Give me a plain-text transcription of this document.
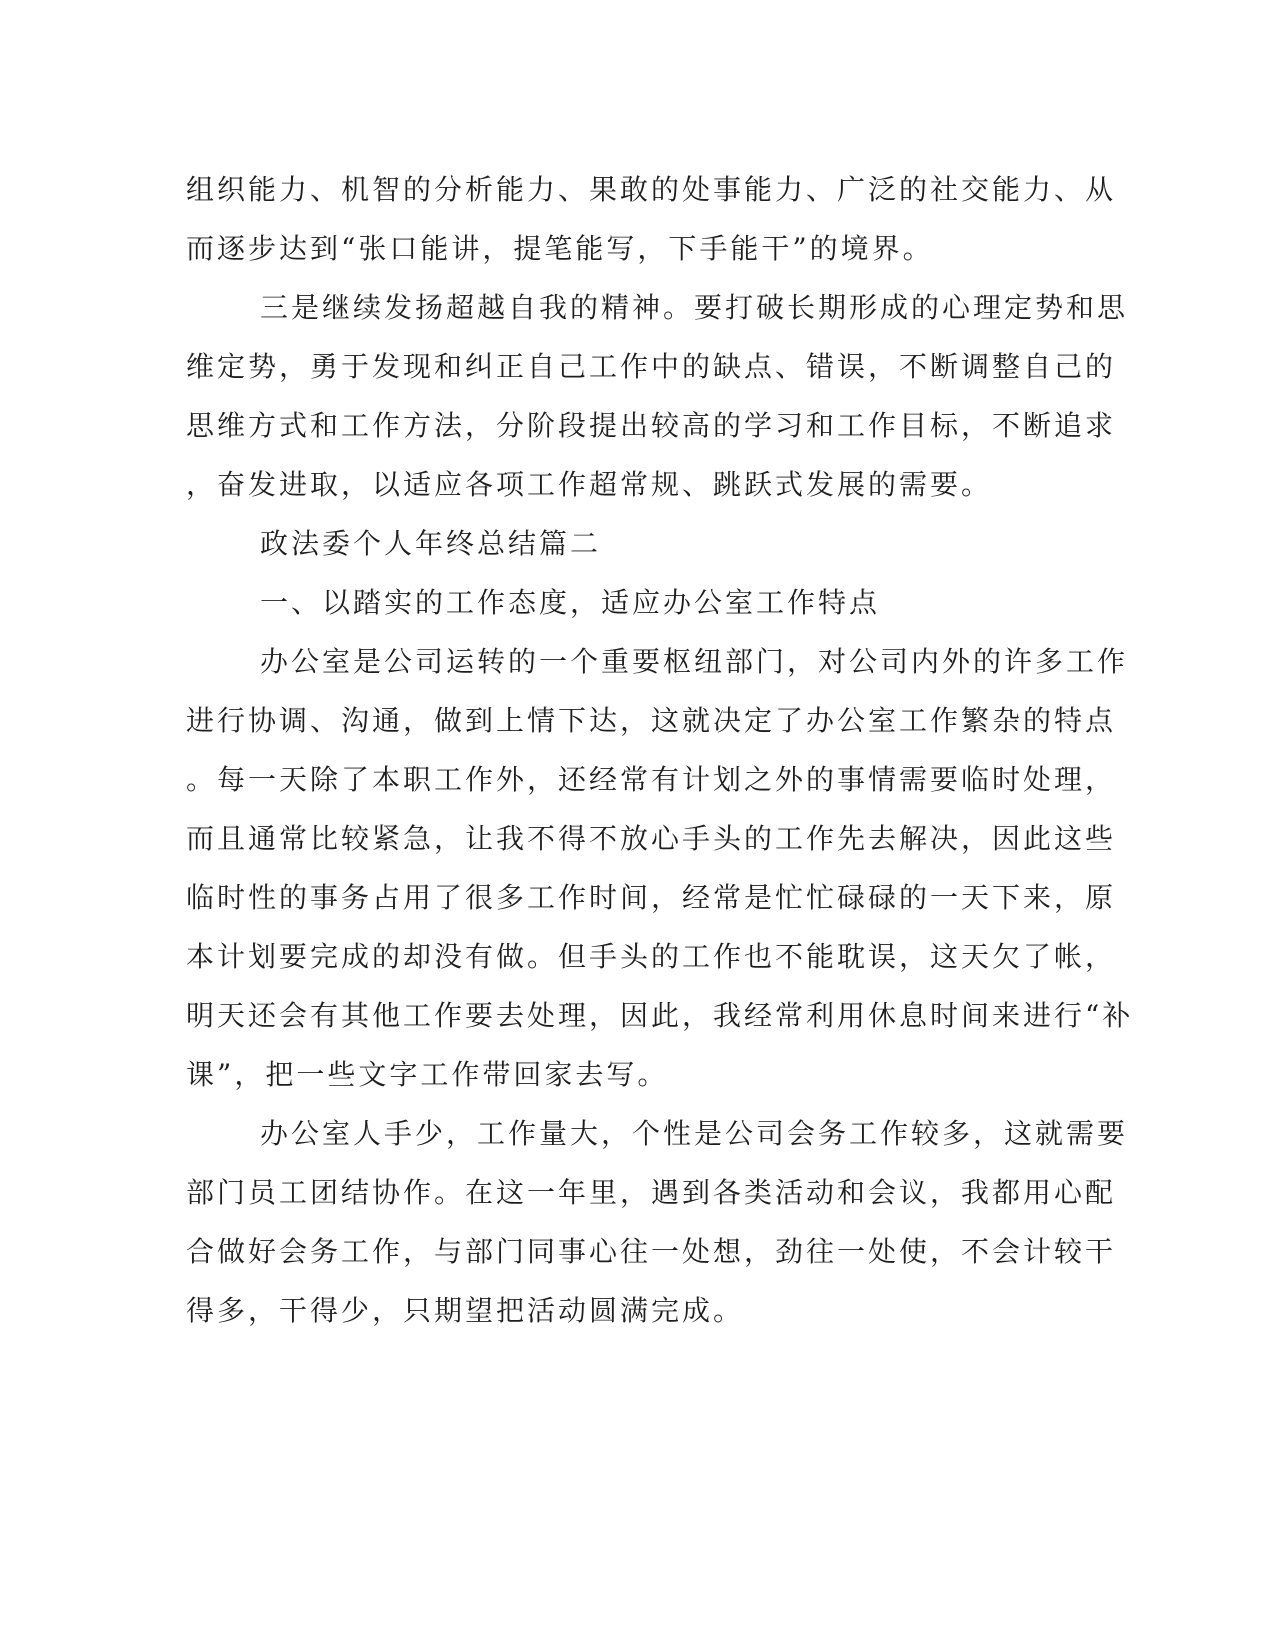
组织能力、机智的分析能力、果敢的处事能力、广泛的社交能力、从
而逐步达到“张口能讲，提笔能写，下手能干”的境界。
三是继续发扬超越自我的精神。要打破长期形成的心理定势和思
维定势，勇于发现和纠正自己工作中的缺点、错误，不断调整自己的
思维方式和工作方法，分阶段提出较高的学习和工作目标，不断追求
，奋发进取，以适应各项工作超常规、跳跃式发展的需要。
政法委个人年终总结篇二
一、以踏实的工作态度，适应办公室工作特点
办公室是公司运转的一个重要枢纽部门，对公司内外的许多工作
进行协调、沟通，做到上情下达，这就决定了办公室工作繁杂的特点
。每一天除了本职工作外，还经常有计划之外的事情需要临时处理，
而且通常比较紧急，让我不得不放心手头的工作先去解决，因此这些
临时性的事务占用了很多工作时间，经常是忙忙碌碌的一天下来，原
本计划要完成的却没有做。但手头的工作也不能耽误，这天欠了帐，
明天还会有其他工作要去处理，因此，我经常利用休息时间来进行“补
课”，把一些文字工作带回家去写。
办公室人手少，工作量大，个性是公司会务工作较多，这就需要
部门员工团结协作。在这一年里，遇到各类活动和会议，我都用心配
合做好会务工作，与部门同事心往一处想，劲往一处使，不会计较干
得多，干得少，只期望把活动圆满完成。
